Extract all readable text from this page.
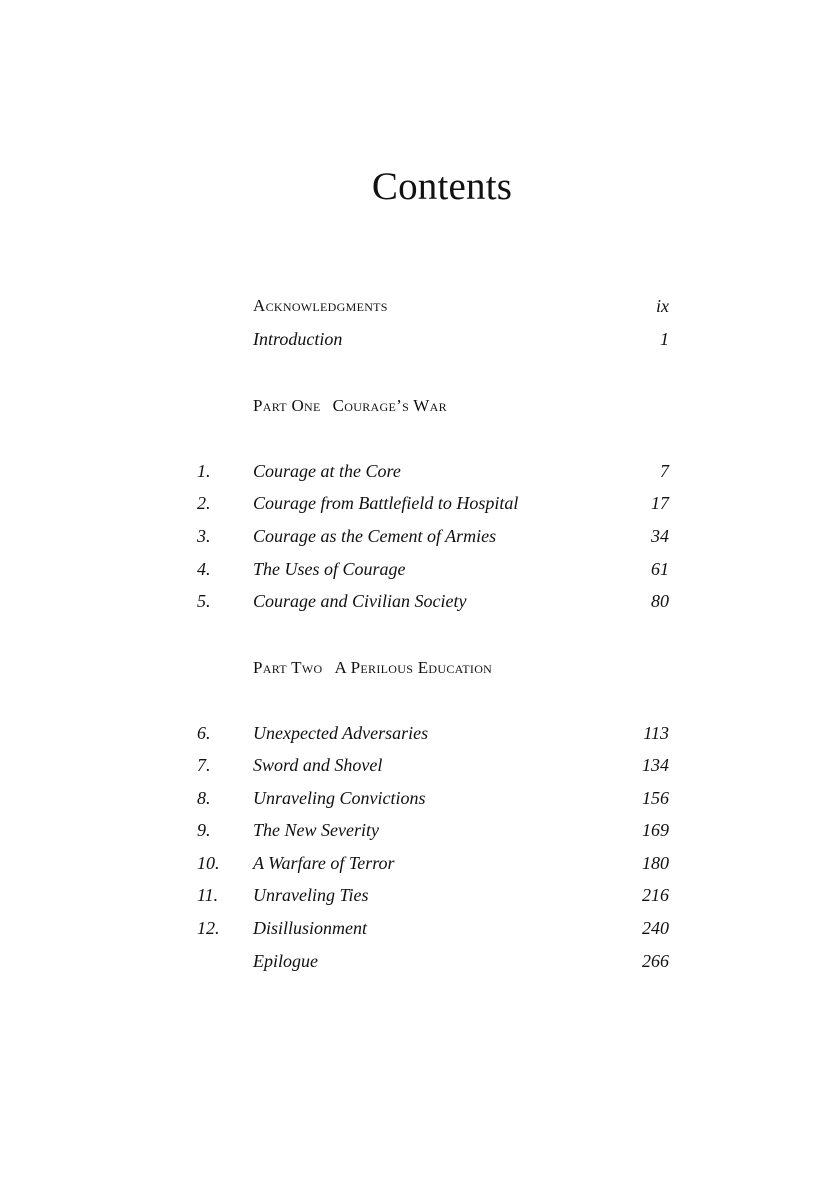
Contents
Acknowledgments	ix
Introduction	1
Part One Courage’s War
1. Courage at the Core	7
2. Courage from Battlefield to Hospital	17
3. Courage as the Cement of Armies	34
4. The Uses of Courage	61
5. Courage and Civilian Society	80
Part Two A Perilous Education
6. Unexpected Adversaries	113
7. Sword and Shovel	134
8. Unraveling Convictions	156
9. The New Severity	169
10. A Warfare of Terror	180
11. Unraveling Ties	216
12. Disillusionment	240
Epilogue	266
